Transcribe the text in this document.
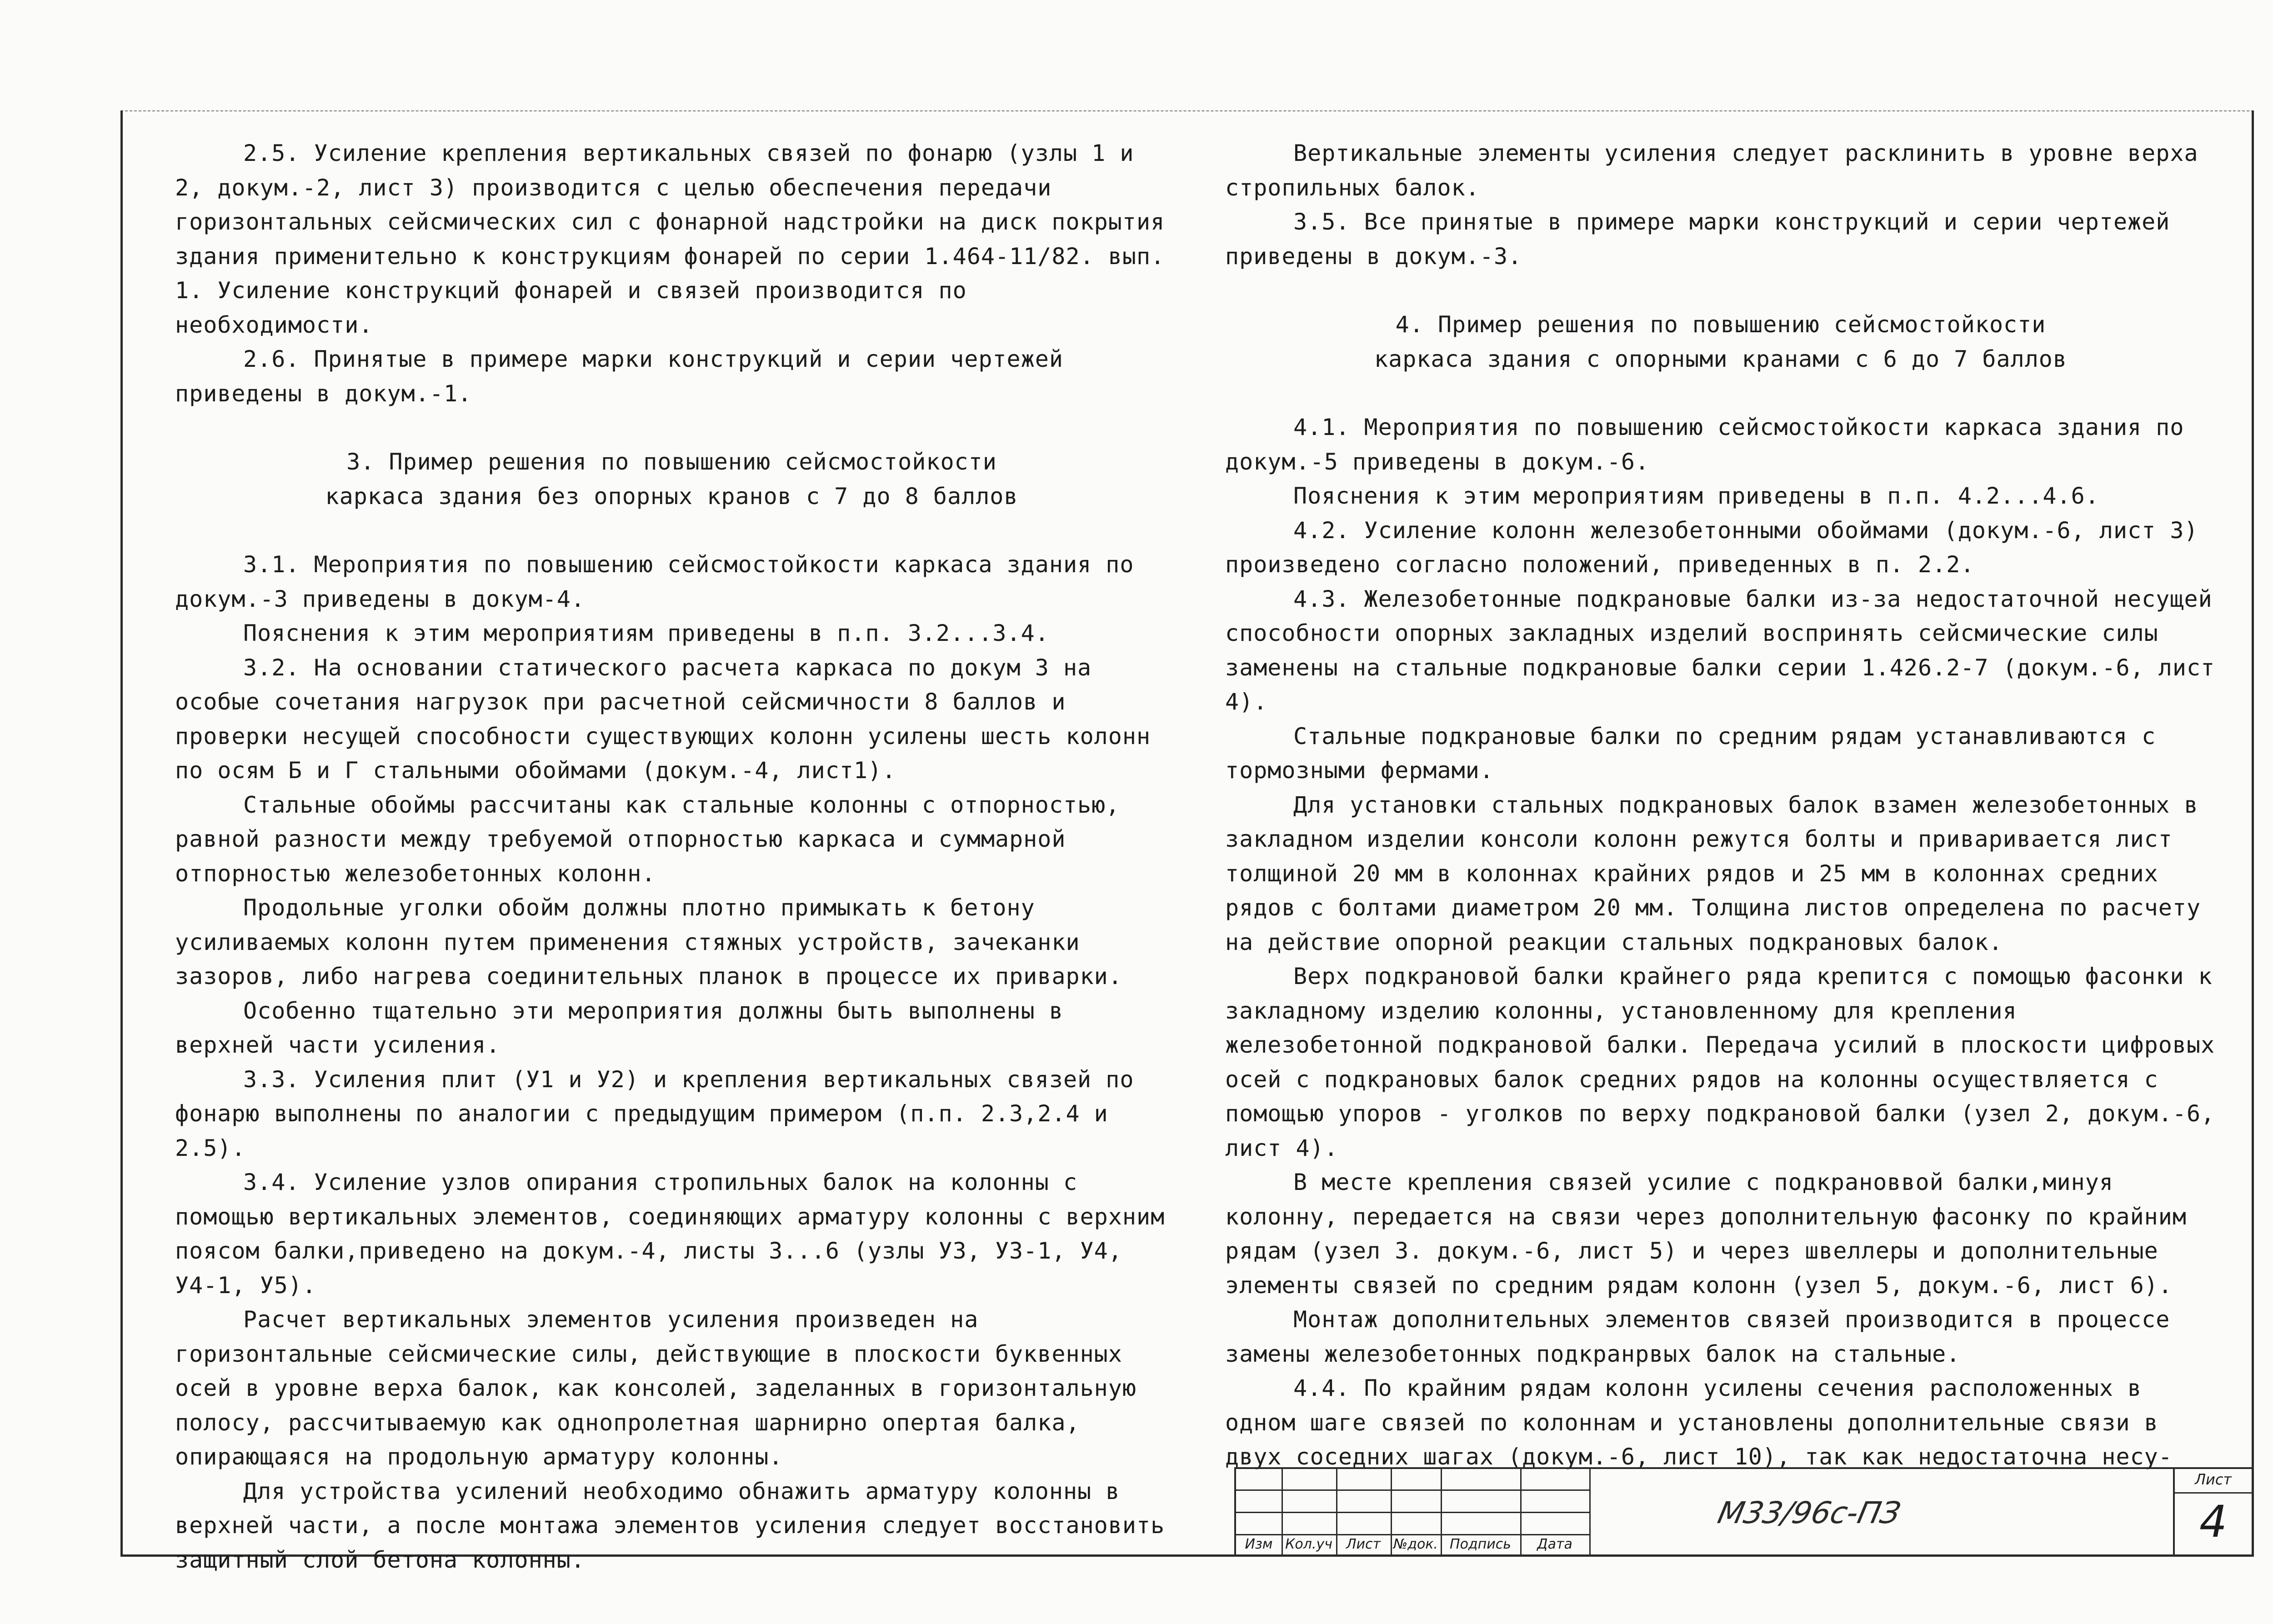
2.5. Усиление крепления вертикальных связей по фонарю (узлы 1 и 2, докум.-2, лист 3) производится с целью обеспечения передачи горизонтальных сейсмических сил с фонарной надстройки на диск покрытия здания применительно к конструкциям фонарей по серии 1.464-11/82. вып. 1. Усиление конструкций фонарей и связей производится по необходимости.

2.6. Принятые в примере марки конструкций и серии чертежей приведены в докум.-1.

3. Пример решения по повышению сейсмостойкости

каркаса здания без опорных кранов с 7 до 8 баллов

3.1. Мероприятия по повышению сейсмостойкости каркаса здания по докум.-3 приведены в докум-4.

Пояснения к этим мероприятиям приведены в п.п. 3.2...3.4.

3.2. На основании статического расчета каркаса по докум 3 на особые сочетания нагрузок при расчетной сейсмичности 8 баллов и проверки несущей способности существующих колонн усилены шесть колонн по осям Б и Г стальными обоймами (докум.-4, лист1).

Стальные обоймы рассчитаны как стальные колонны с отпорностью, равной разности между требуемой отпорностью каркаса и суммарной отпорностью железобетонных колонн.

Продольные уголки обойм должны плотно примыкать к бетону усиливаемых колонн путем применения стяжных устройств, зачеканки зазоров, либо нагрева соединительных планок в процессе их приварки.

Особенно тщательно эти мероприятия должны быть выполнены в верхней части усиления.

3.3. Усиления плит (У1 и У2) и крепления вертикальных связей по фонарю выполнены по аналогии с предыдущим примером (п.п. 2.3,2.4 и 2.5).

3.4. Усиление узлов опирания стропильных балок на колонны с помощью вертикальных элементов, соединяющих арматуру колонны с верхним поясом балки,приведено на докум.-4, листы 3...6 (узлы У3, У3-1, У4, У4-1, У5).

Расчет вертикальных элементов усиления произведен на горизонтальные сейсмические силы, действующие в плоскости буквенных осей в уровне верха балок, как консолей, заделанных в горизонтальную полосу, рассчитываемую как однопролетная шарнирно опертая балка, опирающаяся на продольную арматуру колонны.

Для устройства усилений необходимо обнажить арматуру колонны в верхней части, а после монтажа элементов усиления следует восстановить защитный слой бетона колонны.

Вертикальные элементы усиления следует расклинить в уровне верха стропильных балок.

3.5. Все принятые в примере марки конструкций и серии чертежей приведены в докум.-3.

4. Пример решения по повышению сейсмостойкости

каркаса здания с опорными кранами с 6 до 7 баллов

4.1. Мероприятия по повышению сейсмостойкости каркаса здания по докум.-5 приведены в докум.-6.

Пояснения к этим мероприятиям приведены в п.п. 4.2...4.6.

4.2. Усиление колонн железобетонными обоймами (докум.-6, лист 3) произведено согласно положений, приведенных в п. 2.2.

4.3. Железобетонные подкрановые балки из-за недостаточной несущей способности опорных закладных изделий воспринять сейсмические силы заменены на стальные подкрановые балки серии 1.426.2-7 (докум.-6, лист 4).

Стальные подкрановые балки по средним рядам устанавливаются с тормозными фермами.

Для установки стальных подкрановых балок взамен железобетонных в закладном изделии консоли колонн режутся болты и приваривается лист толщиной 20 мм в колоннах крайних рядов и 25 мм в колоннах средних рядов с болтами диаметром 20 мм. Толщина листов определена по расчету на действие опорной реакции стальных подкрановых балок.

Верх подкрановой балки крайнего ряда крепится с помощью фасонки к закладному изделию колонны, установленному для крепления железобетонной подкрановой балки. Передача усилий в плоскости цифровых осей с подкрановых балок средних рядов на колонны осуществляется с помощью упоров - уголков по верху подкрановой балки (узел 2, докум.-6, лист 4).

В месте крепления связей усилие с подкрановвой балки,минуя колонну, передается на связи через дополнительную фасонку по крайним рядам (узел 3. докум.-6, лист 5) и через швеллеры и дополнительные элементы связей по средним рядам колонн (узел 5, докум.-6, лист 6).

Монтаж дополнительных элементов связей производится в процессе замены железобетонных подкранрвых балок на стальные.

4.4. По крайним рядам колонн усилены сечения расположенных в одном шаге связей по колоннам и установлены дополнительные связи в двух соседних шагах (докум.-6, лист 10), так как недостаточна несу-

Изм Кол.уч	Лист №док. Подпись	Дата
М33/96с-ПЗ
Лист
4
